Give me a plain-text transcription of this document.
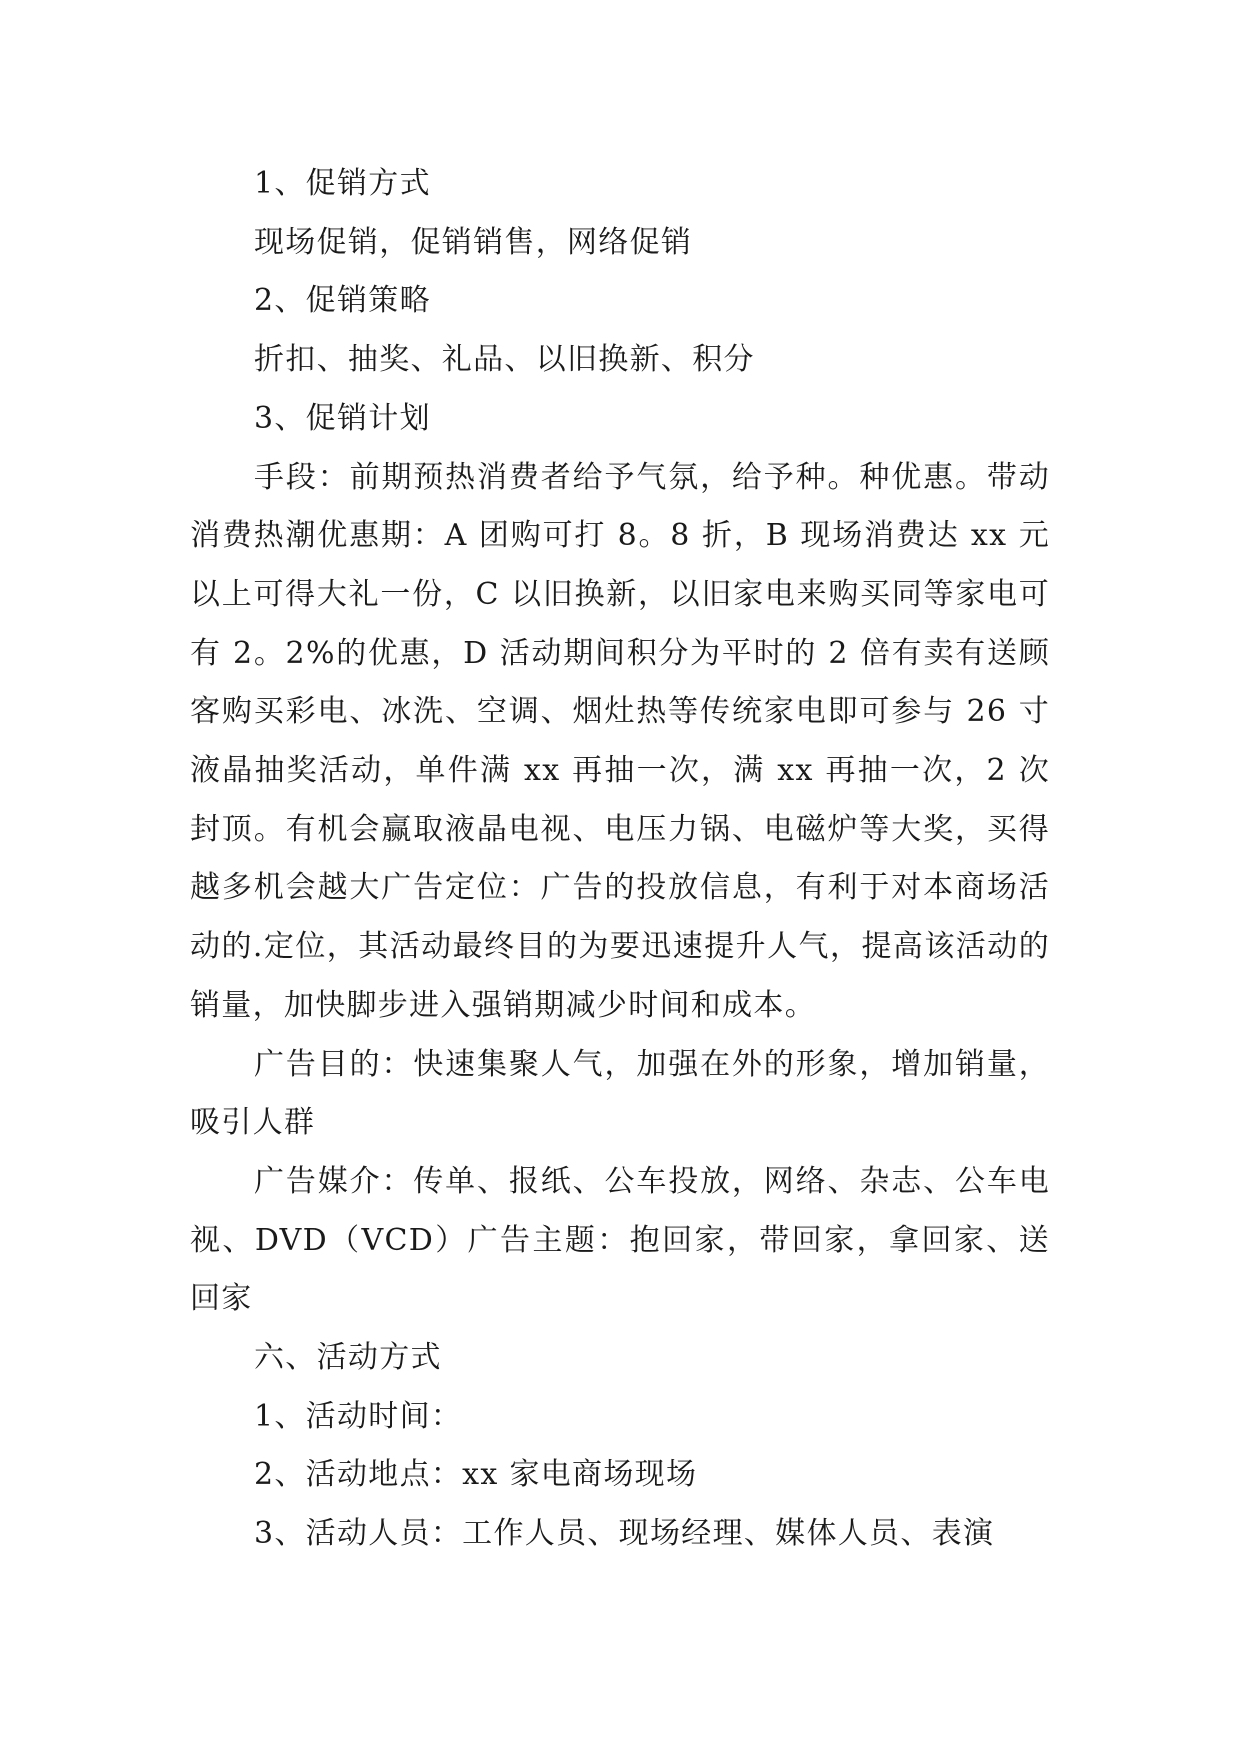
1、促销方式

现场促销，促销销售，网络促销

2、促销策略

折扣、抽奖、礼品、以旧换新、积分

3、促销计划

手段：前期预热消费者给予气氛，给予种。种优惠。带动消费热潮优惠期：A 团购可打 8。8 折，B 现场消费达 xx 元以上可得大礼一份，C 以旧换新，以旧家电来购买同等家电可有 2。2%的优惠，D 活动期间积分为平时的 2 倍有卖有送顾客购买彩电、冰洗、空调、烟灶热等传统家电即可参与 26 寸液晶抽奖活动，单件满 xx 再抽一次，满 xx 再抽一次，2 次封顶。有机会赢取液晶电视、电压力锅、电磁炉等大奖，买得越多机会越大广告定位：广告的投放信息，有利于对本商场活动的.定位，其活动最终目的为要迅速提升人气，提高该活动的销量，加快脚步进入强销期减少时间和成本。

广告目的：快速集聚人气，加强在外的形象，增加销量，吸引人群

广告媒介：传单、报纸、公车投放，网络、杂志、公车电视、DVD（VCD）广告主题：抱回家，带回家，拿回家、送回家

六、活动方式

1、活动时间：

2、活动地点：xx 家电商场现场

3、活动人员：工作人员、现场经理、媒体人员、表演
